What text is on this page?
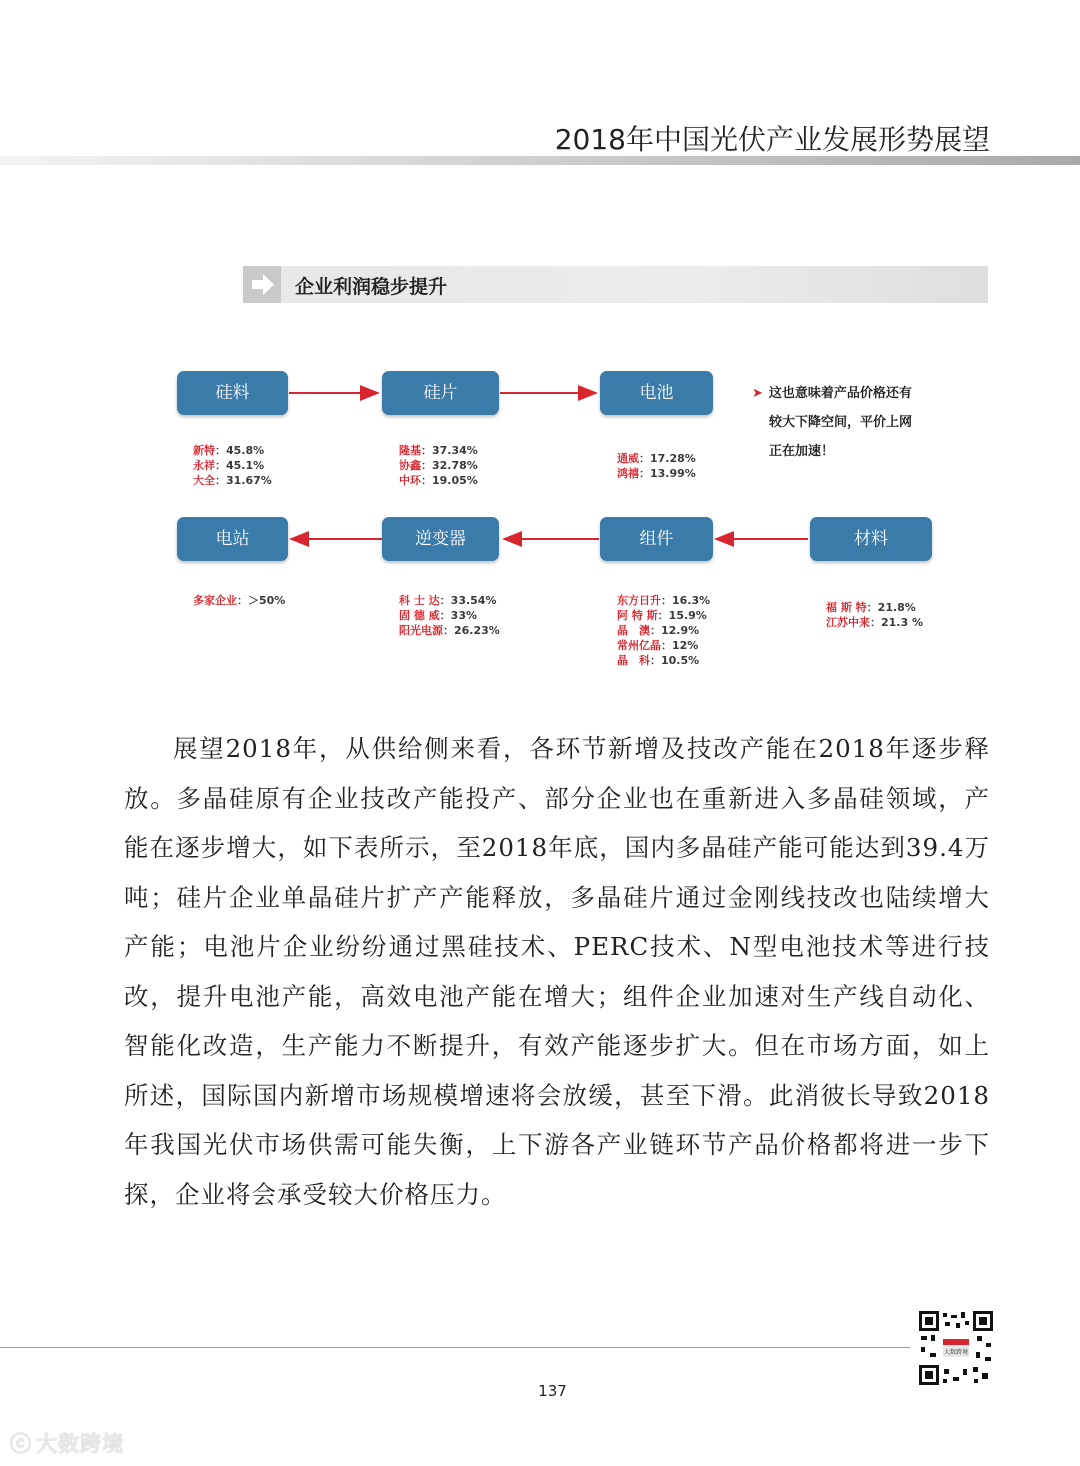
2018年中国光伏产业发展形势展望
企业利润稳步提升
硅料	硅片	电池
电站	逆变器	组件	材料
新特：45.8%
永祥：45.1%
大全：31.67%
隆基：37.34%
协鑫：32.78%
中环：19.05%
通威：17.28%
鸿禧：13.99%
多家企业：＞50%	科 士 达：33.54%
固 德 威：33%
阳光电源：26.23%
东方日升：16.3%
阿 特 斯：15.9%
晶　澳：12.9%
常州亿晶：12%
晶　科：10.5%
福 斯 特：21.8%
江苏中来：21.3 %
➤ 这也意味着产品价格还有
较大下降空间，平价上网
正在加速！

展望2018年，从供给侧来看，各环节新增及技改产能在2018年逐步释放。多晶硅原有企业技改产能投产、部分企业也在重新进入多晶硅领域，产能在逐步增大，如下表所示，至2018年底，国内多晶硅产能可能达到39.4万吨；硅片企业单晶硅片扩产产能释放，多晶硅片通过金刚线技改也陆续增大产能；电池片企业纷纷通过黑硅技术、PERC技术、N型电池技术等进行技改，提升电池产能，高效电池产能在增大；组件企业加速对生产线自动化、智能化改造，生产能力不断提升，有效产能逐步扩大。但在市场方面，如上所述，国际国内新增市场规模增速将会放缓，甚至下滑。此消彼长导致2018年我国光伏市场供需可能失衡，上下游各产业链环节产品价格都将进一步下探，企业将会承受较大价格压力。

大数跨境
137
ⓒ 大数跨境
